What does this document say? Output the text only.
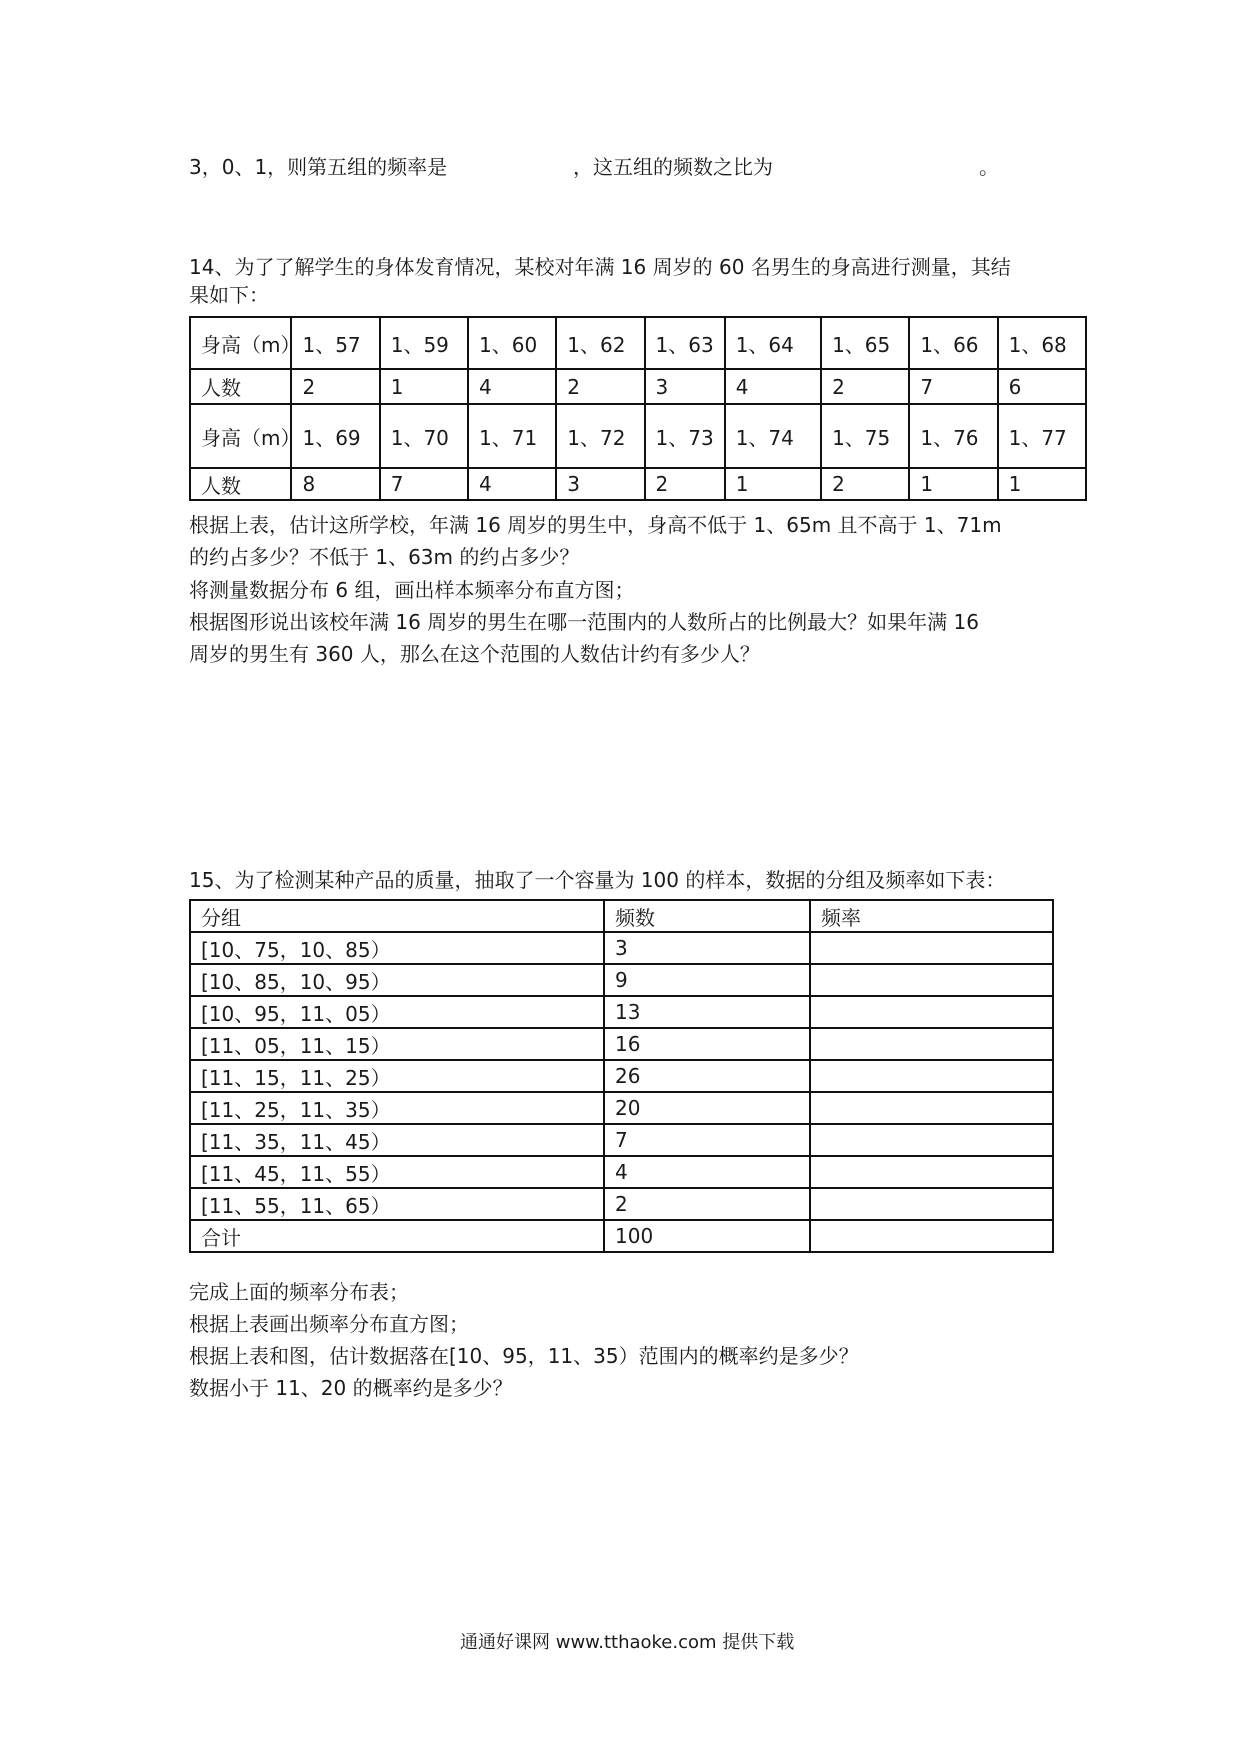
3，0、1，则第五组的频率是	，这五组的频数之比为	。
14、为了了解学生的身体发育情况，某校对年满 16 周岁的 60 名男生的身高进行测量，其结
果如下：
身高（m）	1、57	1、59	1、60	1、62	1、63	1、64	1、65	1、66	1、68
人数	2	1	4	2	3	4	2	7	6
身高（m）	1、69	1、70	1、71	1、72	1、73	1、74	1、75	1、76	1、77
人数	8	7	4	3	2	1	2	1	1
根据上表，估计这所学校，年满 16 周岁的男生中，身高不低于 1、65m 且不高于 1、71m
的约占多少？不低于 1、63m 的约占多少？
将测量数据分布 6 组，画出样本频率分布直方图；
根据图形说出该校年满 16 周岁的男生在哪一范围内的人数所占的比例最大？如果年满 16
周岁的男生有 360 人，那么在这个范围的人数估计约有多少人？
15、为了检测某种产品的质量，抽取了一个容量为 100 的样本，数据的分组及频率如下表：
分组	频数	频率
[10、75，10、85）	3	
[10、85，10、95）	9	
[10、95，11、05）	13	
[11、05，11、15）	16	
[11、15，11、25）	26	
[11、25，11、35）	20	
[11、35，11、45）	7	
[11、45，11、55）	4	
[11、55，11、65）	2	
合计	100	
完成上面的频率分布表；
根据上表画出频率分布直方图；
根据上表和图，估计数据落在[10、95，11、35）范围内的概率约是多少？
数据小于 11、20 的概率约是多少？
通通好课网 www.tthaoke.com 提供下载
